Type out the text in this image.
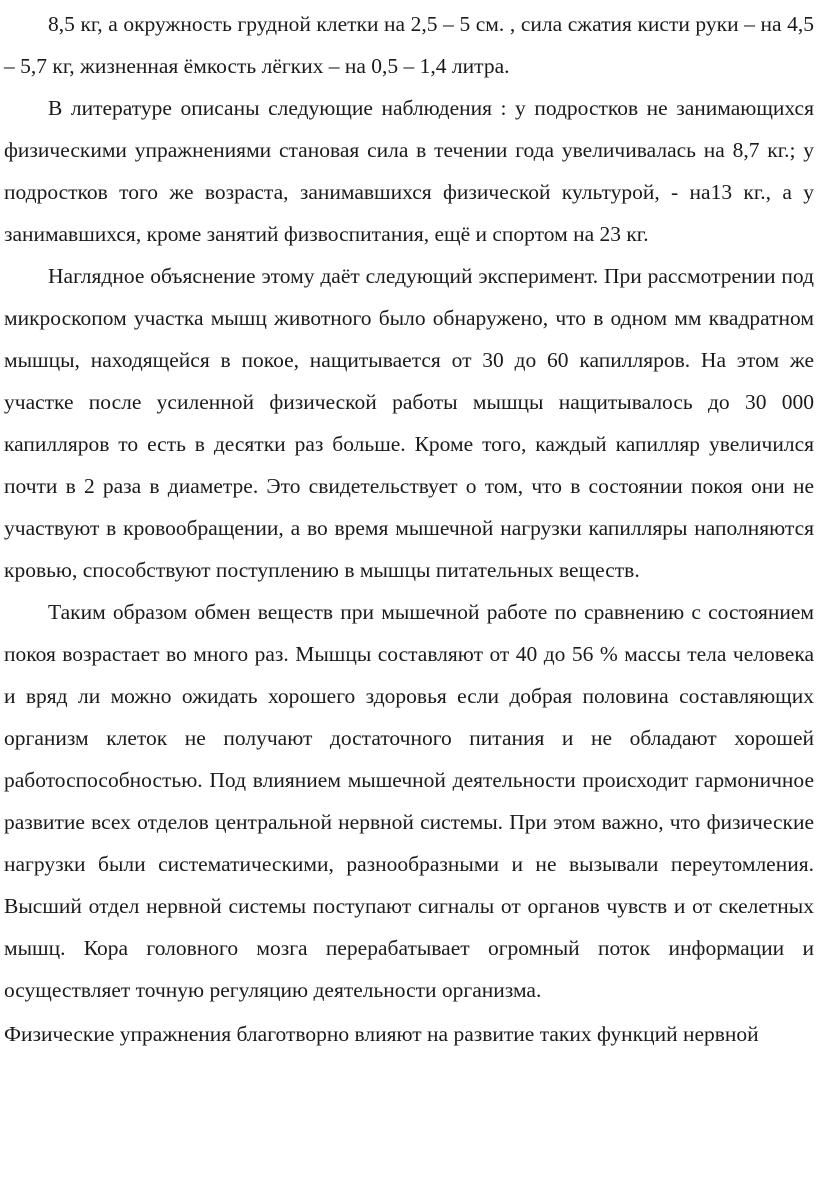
8,5 кг, а окружность грудной клетки на 2,5 – 5 см. , сила сжатия кисти руки – на 4,5 – 5,7 кг, жизненная ёмкость лёгких – на 0,5 – 1,4 литра.

В литературе описаны следующие наблюдения : у подростков не занимающихся физическими упражнениями становая сила в течении года увеличивалась на 8,7 кг.; у подростков того же возраста, занимавшихся физической культурой, - на13 кг., а у занимавшихся, кроме занятий физвоспитания, ещё и спортом на 23 кг.

Наглядное объяснение этому даёт следующий эксперимент. При рассмотрении под микроскопом участка мышц животного было обнаружено, что в одном мм квадратном мышцы, находящейся в покое, нащитывается от 30 до 60 капилляров. На этом же участке после усиленной физической работы мышцы нащитывалось до 30 000 капилляров то есть в десятки раз больше. Кроме того, каждый капилляр увеличился почти в 2 раза в диаметре. Это свидетельствует о том, что в состоянии покоя они не участвуют в кровообращении, а во время мышечной нагрузки капилляры наполняются кровью, способствуют поступлению в мышцы питательных веществ.

Таким образом обмен веществ при мышечной работе по сравнению с состоянием покоя возрастает во много раз. Мышцы составляют от 40 до 56 % массы тела человека и вряд ли можно ожидать хорошего здоровья если добрая половина составляющих организм клеток не получают достаточного питания и не обладают хорошей работоспособностью. Под влиянием мышечной деятельности происходит гармоничное развитие всех отделов центральной нервной системы. При этом важно, что физические нагрузки были систематическими, разнообразными и не вызывали переутомления. Высший отдел нервной системы поступают сигналы от органов чувств и от скелетных мышц. Кора головного мозга перерабатывает огромный поток информации и осуществляет точную регуляцию деятельности организма.

Физические упражнения благотворно влияют на развитие таких функций нервной
